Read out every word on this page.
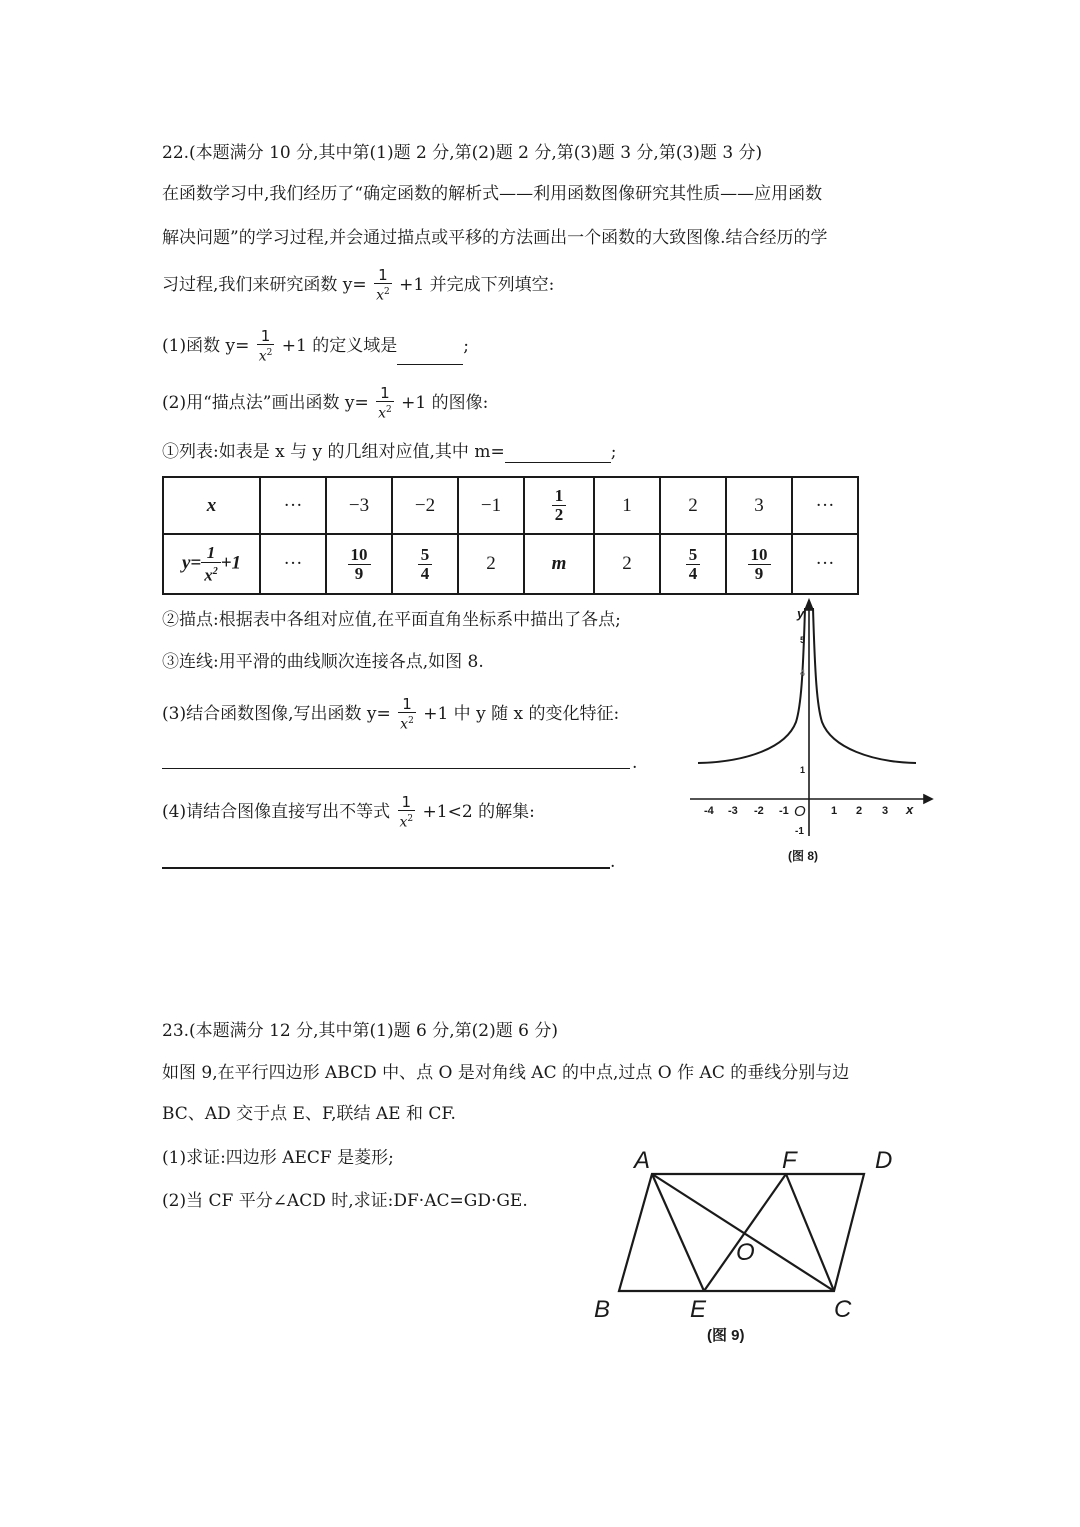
22.(本题满分 10 分,其中第(1)题 2 分,第(2)题 2 分,第(3)题 3 分,第(3)题 3 分)
在函数学习中,我们经历了“确定函数的解析式——利用函数图像研究其性质——应用函数
解决问题”的学习过程,并会通过描点或平移的方法画出一个函数的大致图像.结合经历的学
习过程,我们来研究函数 $y= \frac{1}{x^2} +1$ 并完成下列填空:
(1)函数 $y= \frac{1}{x^2} +1$ 的定义域是	;
(2)用“描点法”画出函数 $y= \frac{1}{x^2} +1$ 的图像:
①列表:如表是 x 与 y 的几组对应值,其中 m=	;
x	···	−3	−2	−1	$\frac{1}{2}$	1	2	3	···
$y= \frac{1}{x^2} +1$	···	$\frac{10}{9}$	$\frac{5}{4}$	2	m	2	$\frac{5}{4}$	$\frac{10}{9}$	···
②描点:根据表中各组对应值,在平面直角坐标系中描出了各点;
③连线:用平滑的曲线顺次连接各点,如图 8.
(3)结合函数图像,写出函数 $y= \frac{1}{x^2} +1$ 中 y 随 x 的变化特征:
.
(4)请结合图像直接写出不等式 $\frac{1}{x^2} +1<2$ 的解集:
.
-4 -3 -2 -1 O 1 2 3 x
y
5
4
1
-1
(图 8)
23.(本题满分 12 分,其中第(1)题 6 分,第(2)题 6 分)
如图 9,在平行四边形 ABCD 中、点 O 是对角线 AC 的中点,过点 O 作 AC 的垂线分别与边
BC、AD 交于点 E、F,联结 AE 和 CF.
(1)求证:四边形 AECF 是菱形;
(2)当 CF 平分∠ACD 时,求证:DF·AC=GD·GE.
A	F	D
B	E	C
O
(图 9)
